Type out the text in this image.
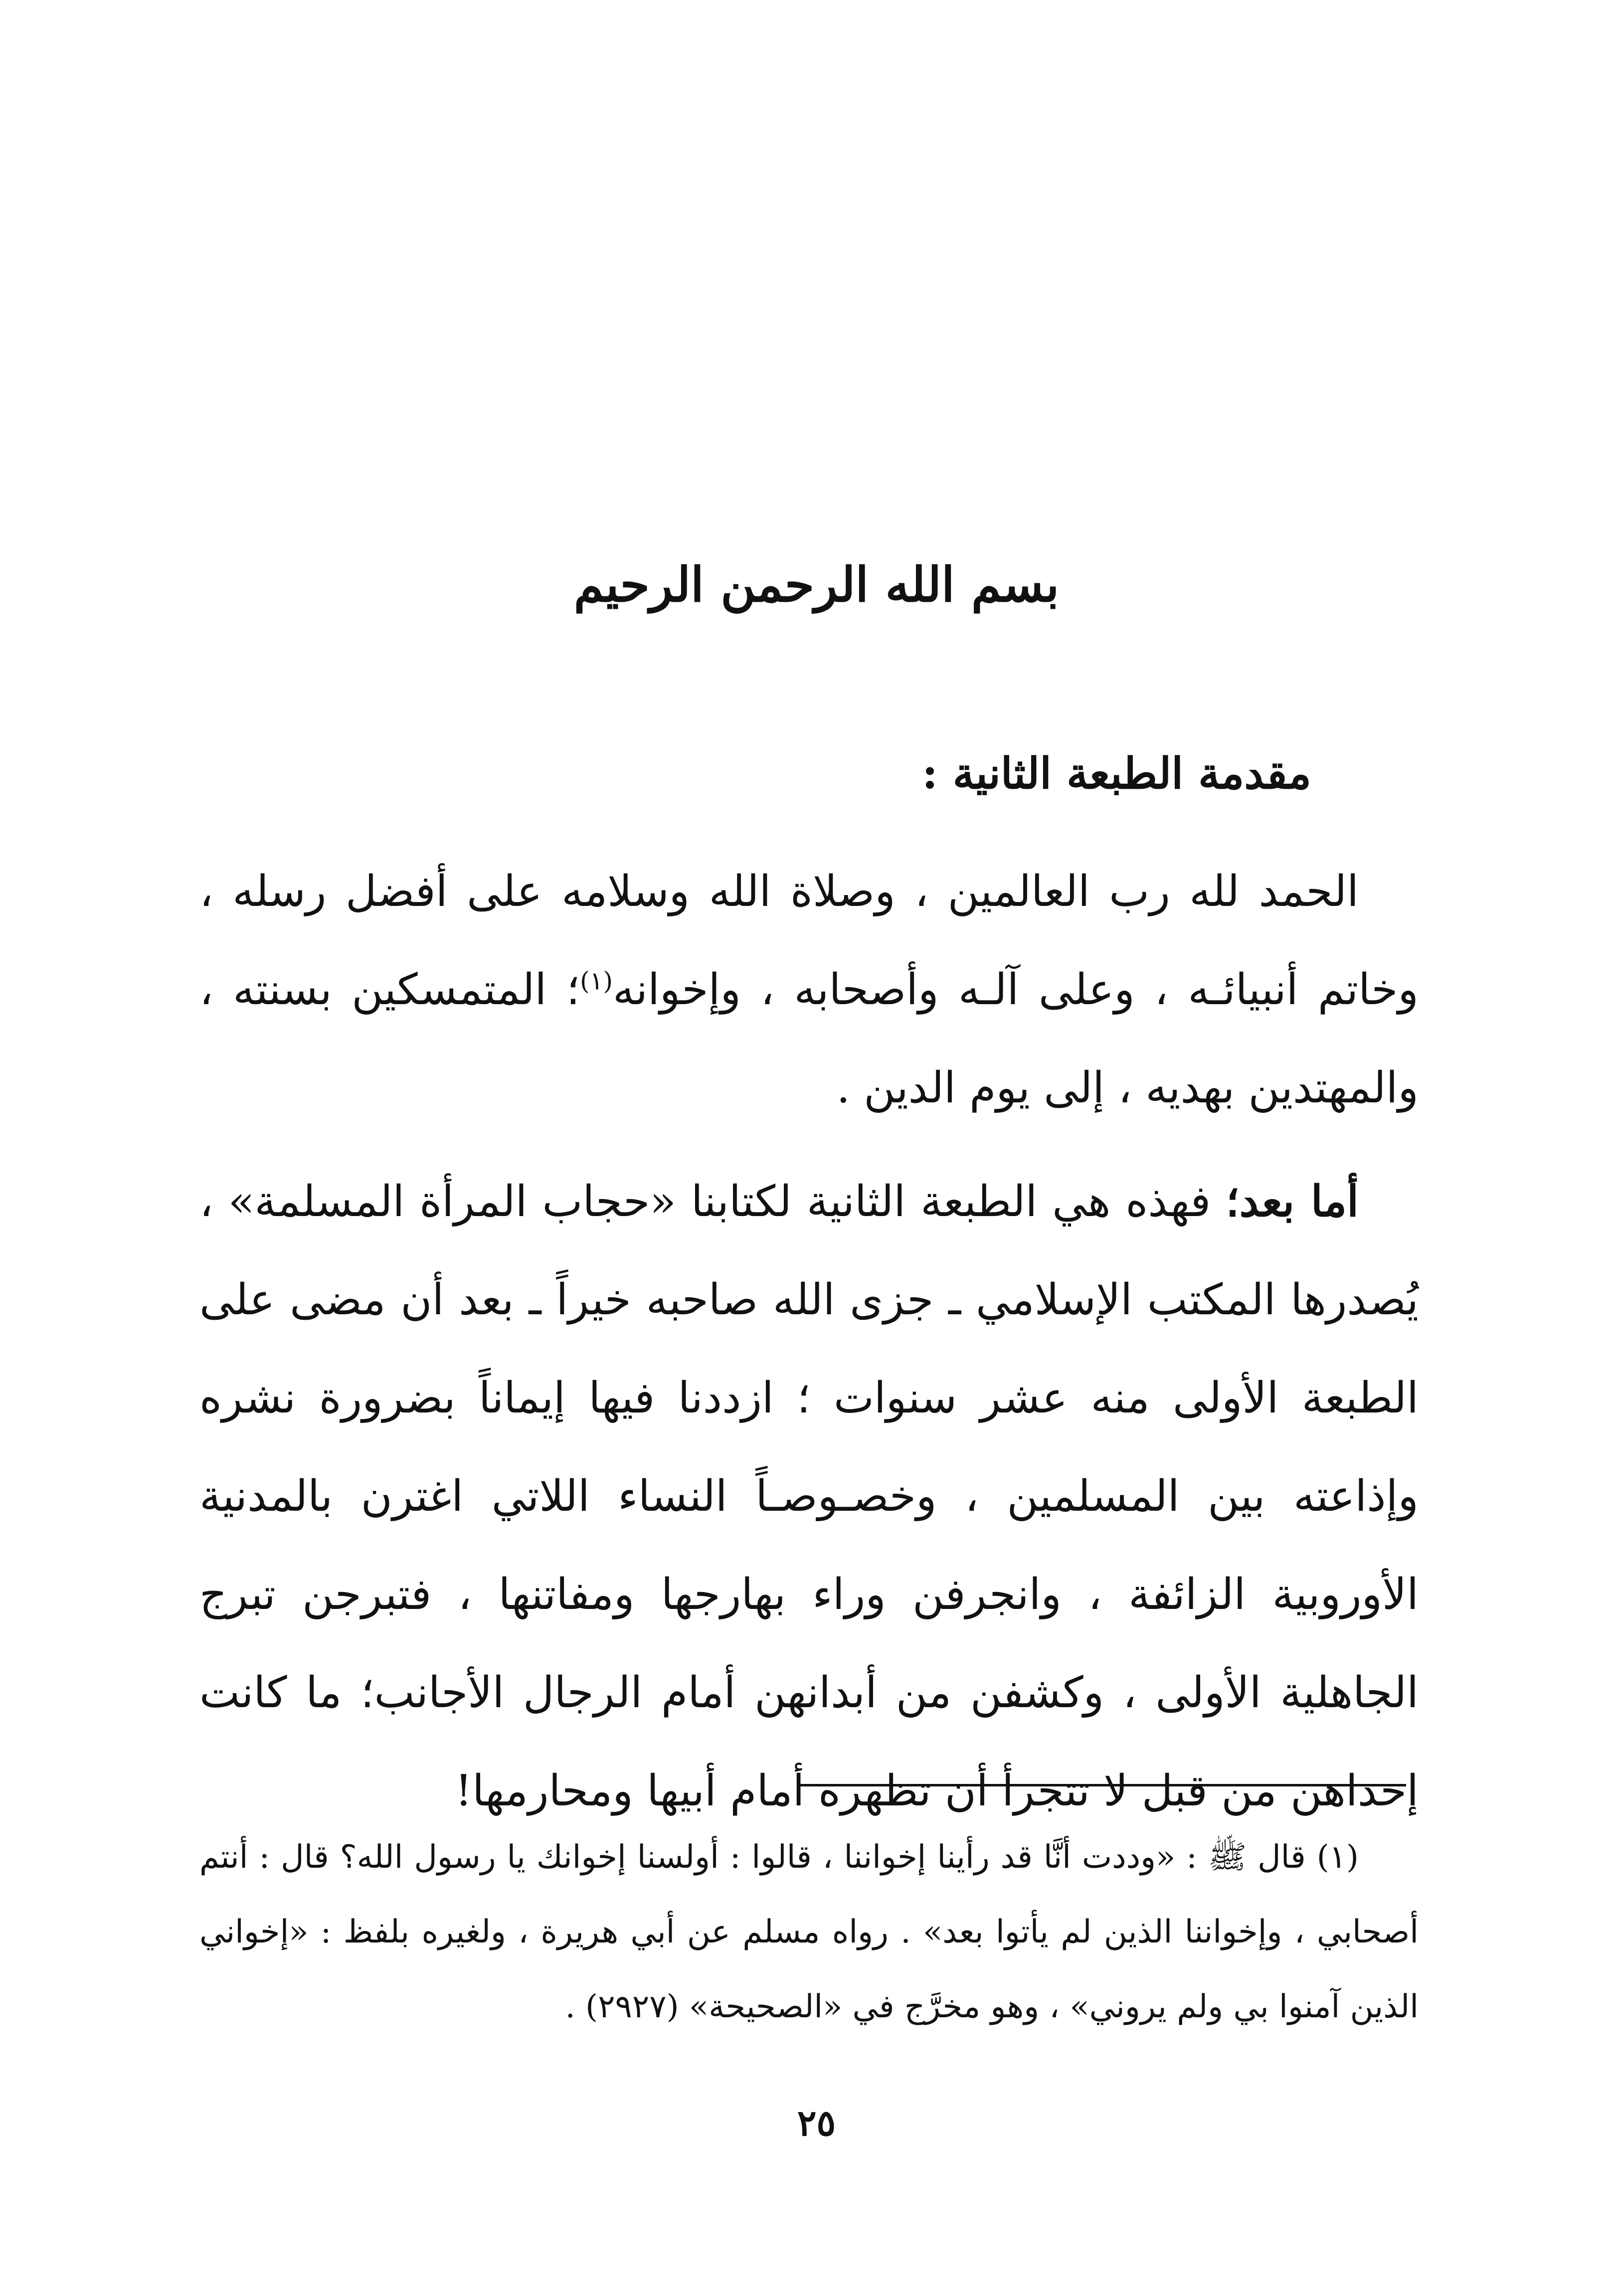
بسم الله الرحمن الرحيم
مقدمة الطبعة الثانية :

الحمد لله رب العالمين ، وصلاة الله وسلامه على أفضل رسله ، وخاتم أنبيائـه ، وعلى آلـه وأصحابه ، وإخوانه$^{(١)}$؛ المتمسكين بسنته ، والمهتدين بهديه ، إلى يوم الدين .

أما بعد؛ فهذه هي الطبعة الثانية لكتابنا «حجاب المرأة المسلمة» ، يُصدرها المكتب الإسلامي ـ جزى الله صاحبه خيراً ـ بعد أن مضى على الطبعة الأولى منه عشر سنوات ؛ ازددنا فيها إيماناً بضرورة نشره وإذاعته بين المسلمين ، وخصـوصـاً النساء اللاتي اغترن بالمدنية الأوروبية الزائفة ، وانجرفن وراء بهارجها ومفاتنها ، فتبرجن تبرج الجاهلية الأولى ، وكشفن من أبدانهن أمام الرجال الأجانب؛ ما كانت إحداهن من قبل لا تتجرأ أن تظهره أمام أبيها ومحارمها!

(١) قال ﷺ : «وددت أنَّا قد رأينا إخواننا ، قالوا : أولسنا إخوانك يا رسول الله؟ قال : أنتم أصحابي ، وإخواننا الذين لم يأتوا بعد» . رواه مسلم عن أبي هريرة ، ولغيره بلفظ : «إخواني الذين آمنوا بي ولم يروني» ، وهو مخرَّج في «الصحيحة» (٢٩٢٧) .

٢٥
